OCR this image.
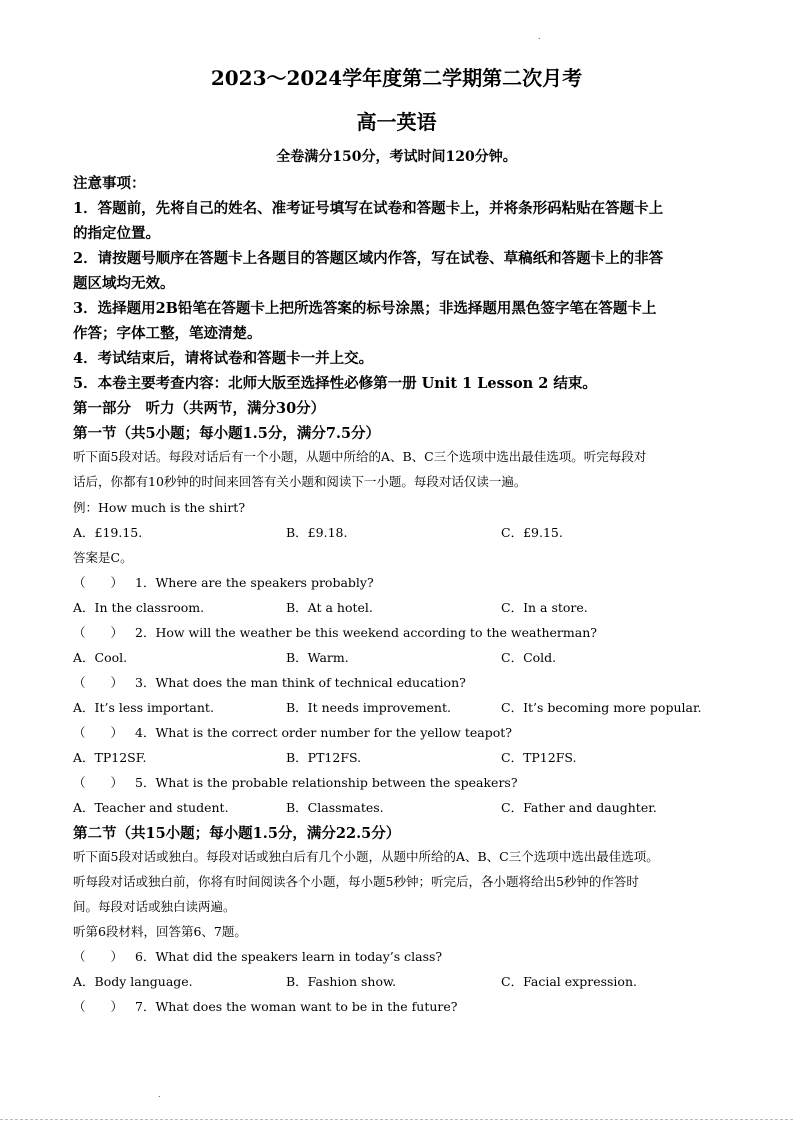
.
2023～2024学年度第二学期第二次月考
高一英语
全卷满分150分，考试时间120分钟。
注意事项：
1．答题前，先将自己的姓名、准考证号填写在试卷和答题卡上，并将条形码粘贴在答题卡上
的指定位置。
2．请按题号顺序在答题卡上各题目的答题区域内作答，写在试卷、草稿纸和答题卡上的非答
题区域均无效。
3．选择题用2B铅笔在答题卡上把所选答案的标号涂黑；非选择题用黑色签字笔在答题卡上
作答；字体工整，笔迹清楚。
4．考试结束后，请将试卷和答题卡一并上交。
5．本卷主要考查内容：北师大版至选择性必修第一册 Unit 1 Lesson 2 结束。
第一部分　听力（共两节，满分30分）
第一节（共5小题；每小题1.5分，满分7.5分）
听下面5段对话。每段对话后有一个小题，从题中所给的A、B、C三个选项中选出最佳选项。听完每段对
话后，你都有10秒钟的时间来回答有关小题和阅读下一小题。每段对话仅读一遍。
例：How much is the shirt?
A．£19.15.	B．£9.18.	C．£9.15.
答案是C。
（　　） 1．Where are the speakers probably?
A．In the classroom.	B．At a hotel.	C．In a store.
（　　） 2．How will the weather be this weekend according to the weatherman?
A．Cool.	B．Warm.	C．Cold.
（　　） 3．What does the man think of technical education?
A．It’s less important.	B．It needs improvement.	C．It’s becoming more popular.
（　　） 4．What is the correct order number for the yellow teapot?
A．TP12SF.	B．PT12FS.	C．TP12FS.
（　　） 5．What is the probable relationship between the speakers?
A．Teacher and student.	B．Classmates.	C．Father and daughter.
第二节（共15小题；每小题1.5分，满分22.5分）
听下面5段对话或独白。每段对话或独白后有几个小题，从题中所给的A、B、C三个选项中选出最佳选项。
听每段对话或独白前，你将有时间阅读各个小题，每小题5秒钟；听完后，各小题将给出5秒钟的作答时
间。每段对话或独白读两遍。
听第6段材料，回答第6、7题。
（　　） 6．What did the speakers learn in today’s class?
A．Body language.	B．Fashion show.	C．Facial expression.
（　　） 7．What does the woman want to be in the future?
.
